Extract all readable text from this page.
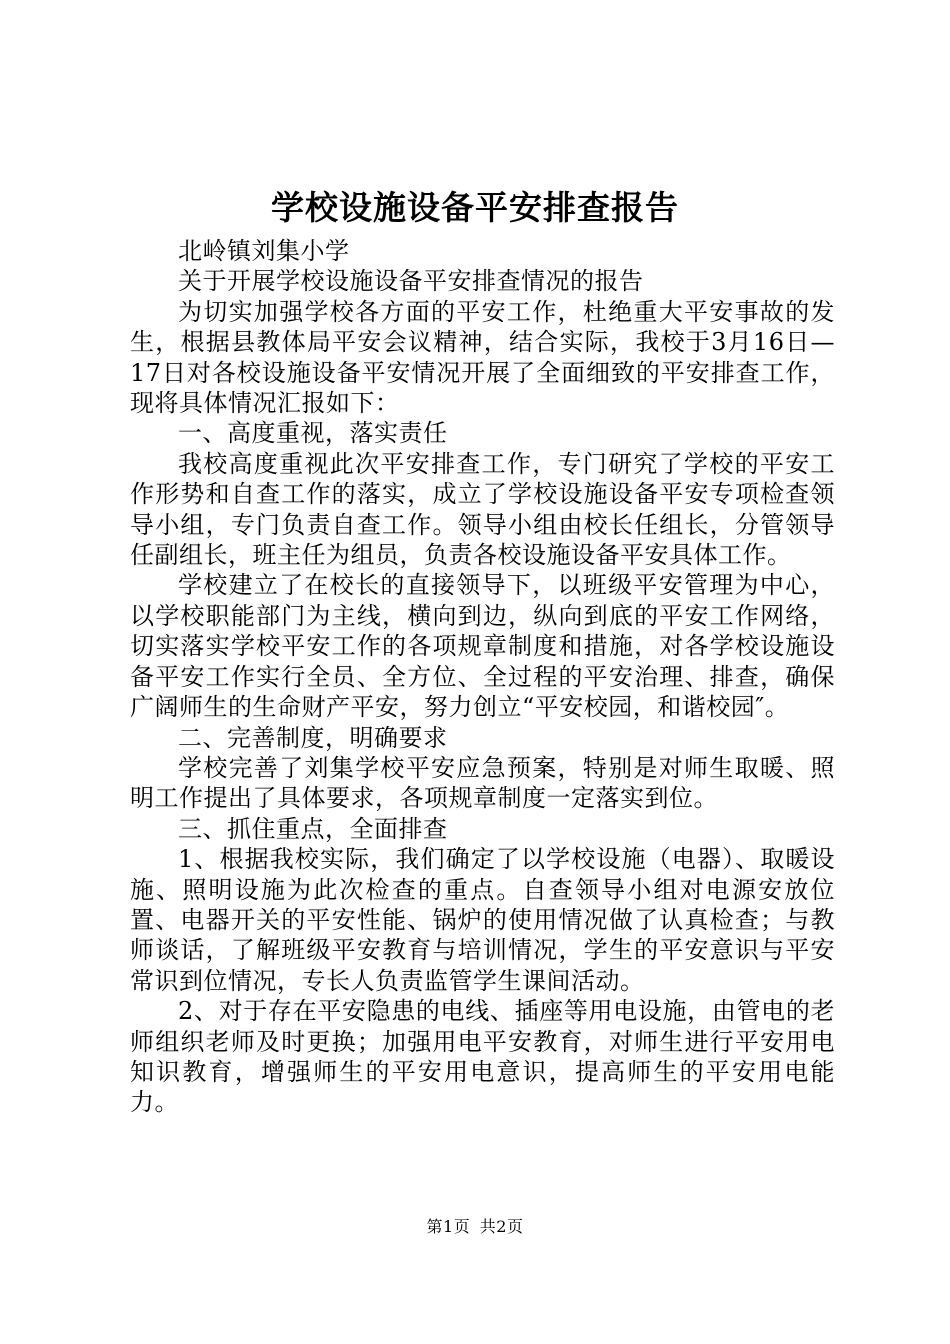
学校设施设备平安排查报告

北岭镇刘集小学

关于开展学校设施设备平安排查情况的报告

为切实加强学校各方面的平安工作，杜绝重大平安事故的发生，根据县教体局平安会议精神，结合实际，我校于3月16日—17日对各校设施设备平安情况开展了全面细致的平安排查工作，现将具体情况汇报如下：

一、高度重视，落实责任

我校高度重视此次平安排查工作，专门研究了学校的平安工作形势和自查工作的落实，成立了学校设施设备平安专项检查领导小组，专门负责自查工作。领导小组由校长任组长，分管领导任副组长，班主任为组员，负责各校设施设备平安具体工作。

学校建立了在校长的直接领导下，以班级平安管理为中心，以学校职能部门为主线，横向到边，纵向到底的平安工作网络，切实落实学校平安工作的各项规章制度和措施，对各学校设施设备平安工作实行全员、全方位、全过程的平安治理、排查，确保广阔师生的生命财产平安，努力创立“平安校园，和谐校园″。

二、完善制度，明确要求

学校完善了刘集学校平安应急预案，特别是对师生取暖、照明工作提出了具体要求，各项规章制度一定落实到位。

三、抓住重点，全面排查

1、根据我校实际，我们确定了以学校设施（电器）、取暖设施、照明设施为此次检查的重点。自查领导小组对电源安放位置、电器开关的平安性能、锅炉的使用情况做了认真检查；与教师谈话，了解班级平安教育与培训情况，学生的平安意识与平安常识到位情况，专长人负责监管学生课间活动。

2、对于存在平安隐患的电线、插座等用电设施，由管电的老师组织老师及时更换；加强用电平安教育，对师生进行平安用电知识教育，增强师生的平安用电意识，提高师生的平安用电能力。

第1页 共2页
